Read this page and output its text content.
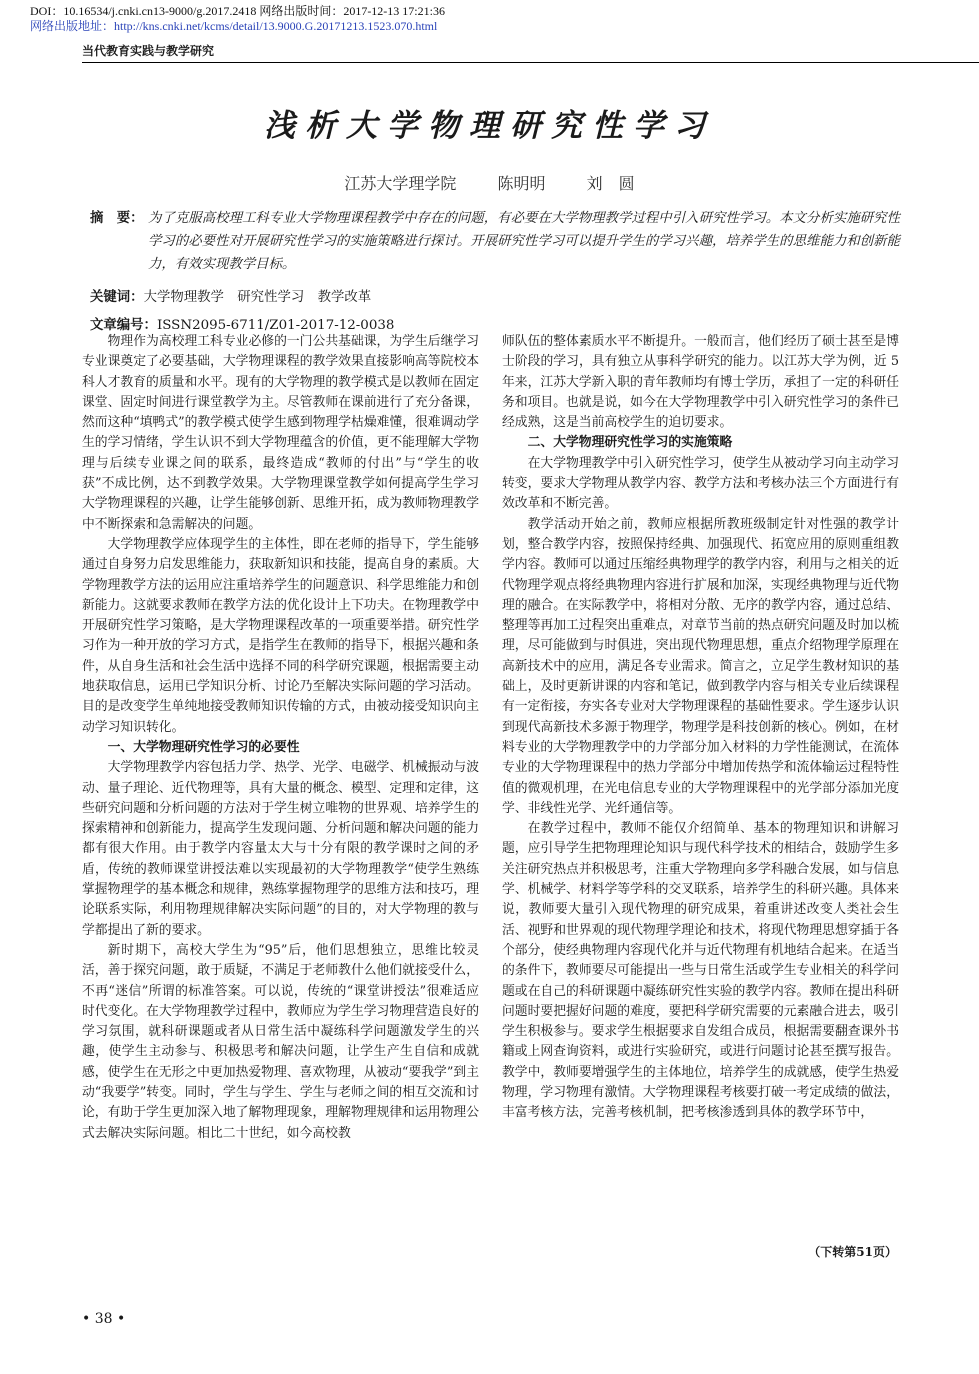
DOI：10.16534/j.cnki.cn13-9000/g.2017.2418 网络出版时间：2017-12-13 17:21:36
网络出版地址：http://kns.cnki.net/kcms/detail/13.9000.G.20171213.1523.070.html
当代教育实践与教学研究
浅析大学物理研究性学习
江苏大学理学院	陈明明	刘　圆
摘　要： 为了克服高校理工科专业大学物理课程教学中存在的问题，有必要在大学物理教学过程中引入研究性学习。本文分析实施研究性学习的必要性对开展研究性学习的实施策略进行探讨。开展研究性学习可以提升学生的学习兴趣，培养学生的思维能力和创新能力，有效实现教学目标。
关键词：大学物理教学　研究性学习　教学改革
文章编号：ISSN2095-6711/Z01-2017-12-0038

物理作为高校理工科专业必修的一门公共基础课，为学生后继学习专业课奠定了必要基础，大学物理课程的教学效果直接影响高等院校本科人才教育的质量和水平。现有的大学物理的教学模式是以教师在固定课堂、固定时间进行课堂教学为主。尽管教师在课前进行了充分备课，然而这种“填鸭式”的教学模式使学生感到物理学枯燥难懂，很难调动学生的学习情绪，学生认识不到大学物理蕴含的价值，更不能理解大学物理与后续专业课之间的联系，最终造成“教师的付出”与“学生的收获”不成比例，达不到教学效果。大学物理课堂教学如何提高学生学习大学物理课程的兴趣，让学生能够创新、思维开拓，成为教师物理教学中不断探索和急需解决的问题。

大学物理教学应体现学生的主体性，即在老师的指导下，学生能够通过自身努力启发思维能力，获取新知识和技能，提高自身的素质。大学物理教学方法的运用应注重培养学生的问题意识、科学思维能力和创新能力。这就要求教师在教学方法的优化设计上下功夫。在物理教学中开展研究性学习策略，是大学物理课程改革的一项重要举措。研究性学习作为一种开放的学习方式，是指学生在教师的指导下，根据兴趣和条件，从自身生活和社会生活中选择不同的科学研究课题，根据需要主动地获取信息，运用已学知识分析、讨论乃至解决实际问题的学习活动。目的是改变学生单纯地接受教师知识传输的方式，由被动接受知识向主动学习知识转化。

一、大学物理研究性学习的必要性

大学物理教学内容包括力学、热学、光学、电磁学、机械振动与波动、量子理论、近代物理等，具有大量的概念、模型、定理和定律，这些研究问题和分析问题的方法对于学生树立唯物的世界观、培养学生的探索精神和创新能力，提高学生发现问题、分析问题和解决问题的能力都有很大作用。由于教学内容量太大与十分有限的教学课时之间的矛盾，传统的教师课堂讲授法难以实现最初的大学物理教学“使学生熟练掌握物理学的基本概念和规律，熟练掌握物理学的思维方法和技巧，理论联系实际，利用物理规律解决实际问题”的目的，对大学物理的教与学都提出了新的要求。

新时期下，高校大学生为“95”后，他们思想独立，思维比较灵活，善于探究问题，敢于质疑，不满足于老师教什么他们就接受什么，不再“迷信”所谓的标准答案。可以说，传统的“课堂讲授法”很难适应时代变化。在大学物理教学过程中，教师应为学生学习物理营造良好的学习氛围，就科研课题或者从日常生活中凝练科学问题激发学生的兴趣，使学生主动参与、积极思考和解决问题，让学生产生自信和成就感，使学生在无形之中更加热爱物理、喜欢物理，从被动“要我学”到主动“我要学”转变。同时，学生与学生、学生与老师之间的相互交流和讨论，有助于学生更加深入地了解物理现象，理解物理规律和运用物理公式去解决实际问题。相比二十世纪，如今高校教

师队伍的整体素质水平不断提升。一般而言，他们经历了硕士甚至是博士阶段的学习，具有独立从事科学研究的能力。以江苏大学为例，近 5 年来，江苏大学新入职的青年教师均有博士学历，承担了一定的科研任务和项目。也就是说，如今在大学物理教学中引入研究性学习的条件已经成熟，这是当前高校学生的迫切要求。

二、大学物理研究性学习的实施策略

在大学物理教学中引入研究性学习，使学生从被动学习向主动学习转变，要求大学物理从教学内容、教学方法和考核办法三个方面进行有效改革和不断完善。

教学活动开始之前，教师应根据所教班级制定针对性强的教学计划，整合教学内容，按照保持经典、加强现代、拓宽应用的原则重组教学内容。教师可以通过压缩经典物理学的教学内容，利用与之相关的近代物理学观点将经典物理内容进行扩展和加深，实现经典物理与近代物理的融合。在实际教学中，将相对分散、无序的教学内容，通过总结、整理等再加工过程突出重难点，对章节当前的热点研究问题及时加以梳理，尽可能做到与时俱进，突出现代物理思想，重点介绍物理学原理在高新技术中的应用，满足各专业需求。简言之，立足学生教材知识的基础上，及时更新讲课的内容和笔记，做到教学内容与相关专业后续课程有一定衔接，夯实各专业对大学物理课程的基础性要求。学生逐步认识到现代高新技术多源于物理学，物理学是科技创新的核心。例如，在材料专业的大学物理教学中的力学部分加入材料的力学性能测试，在流体专业的大学物理课程中的热力学部分中增加传热学和流体输运过程特性值的微观机理，在光电信息专业的大学物理课程中的光学部分添加光度学、非线性光学、光纤通信等。

在教学过程中，教师不能仅介绍简单、基本的物理知识和讲解习题，应引导学生把物理理论知识与现代科学技术的相结合，鼓励学生多关注研究热点并积极思考，注重大学物理向多学科融合发展，如与信息学、机械学、材料学等学科的交叉联系，培养学生的科研兴趣。具体来说，教师要大量引入现代物理的研究成果，着重讲述改变人类社会生活、视野和世界观的现代物理学理论和技术，将现代物理思想穿插于各个部分，使经典物理内容现代化并与近代物理有机地结合起来。在适当的条件下，教师要尽可能提出一些与日常生活或学生专业相关的科学问题或在自己的科研课题中凝练研究性实验的教学内容。教师在提出科研问题时要把握好问题的难度，要把科学研究需要的元素融合进去，吸引学生积极参与。要求学生根据要求自发组合成员，根据需要翻查课外书籍或上网查询资料，或进行实验研究，或进行问题讨论甚至撰写报告。教学中，教师要增强学生的主体地位，培养学生的成就感，使学生热爱物理，学习物理有激情。大学物理课程考核要打破一考定成绩的做法，丰富考核方法，完善考核机制，把考核渗透到具体的教学环节中，

（下转第51页）
• 38 •
